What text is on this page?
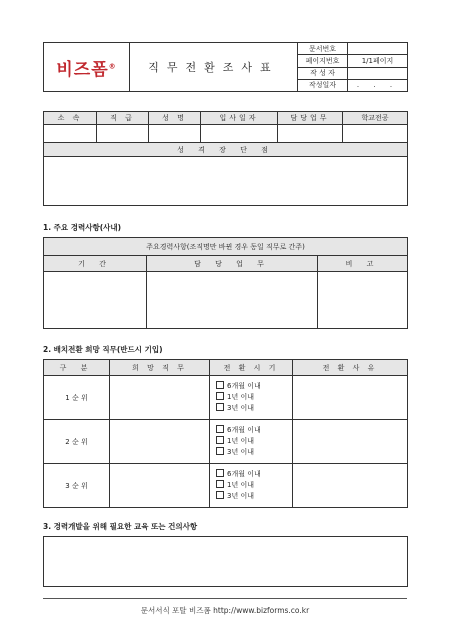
비즈폼®	직무전환조사표	문서번호	
		페이지번호	1/1페이지
		작 성 자	
		작성일자	. . .
소 속	직 급	성 명	입사일자	담당업무	학교전공

성 격 장 단 점					

1. 주요 경력사항(사내)
주요경력사항(조직명만 바뀐 경우 동일 직무로 간주)		
기 간	담 당 업 무	비 고

2. 배치전환 희망 직무(반드시 기입)
구 분	희 망 직 무	전 환 시 기	전 환 사 유
1 순 위		6개월 이내
1년 이내
3년 이내	

2 순 위		6개월 이내
1년 이내
3년 이내	

3 순 위		6개월 이내
1년 이내
3년 이내	

3. 경력개발을 위해 필요한 교육 또는 건의사항
문서서식 포탈 비즈폼 http://www.bizforms.co.kr
